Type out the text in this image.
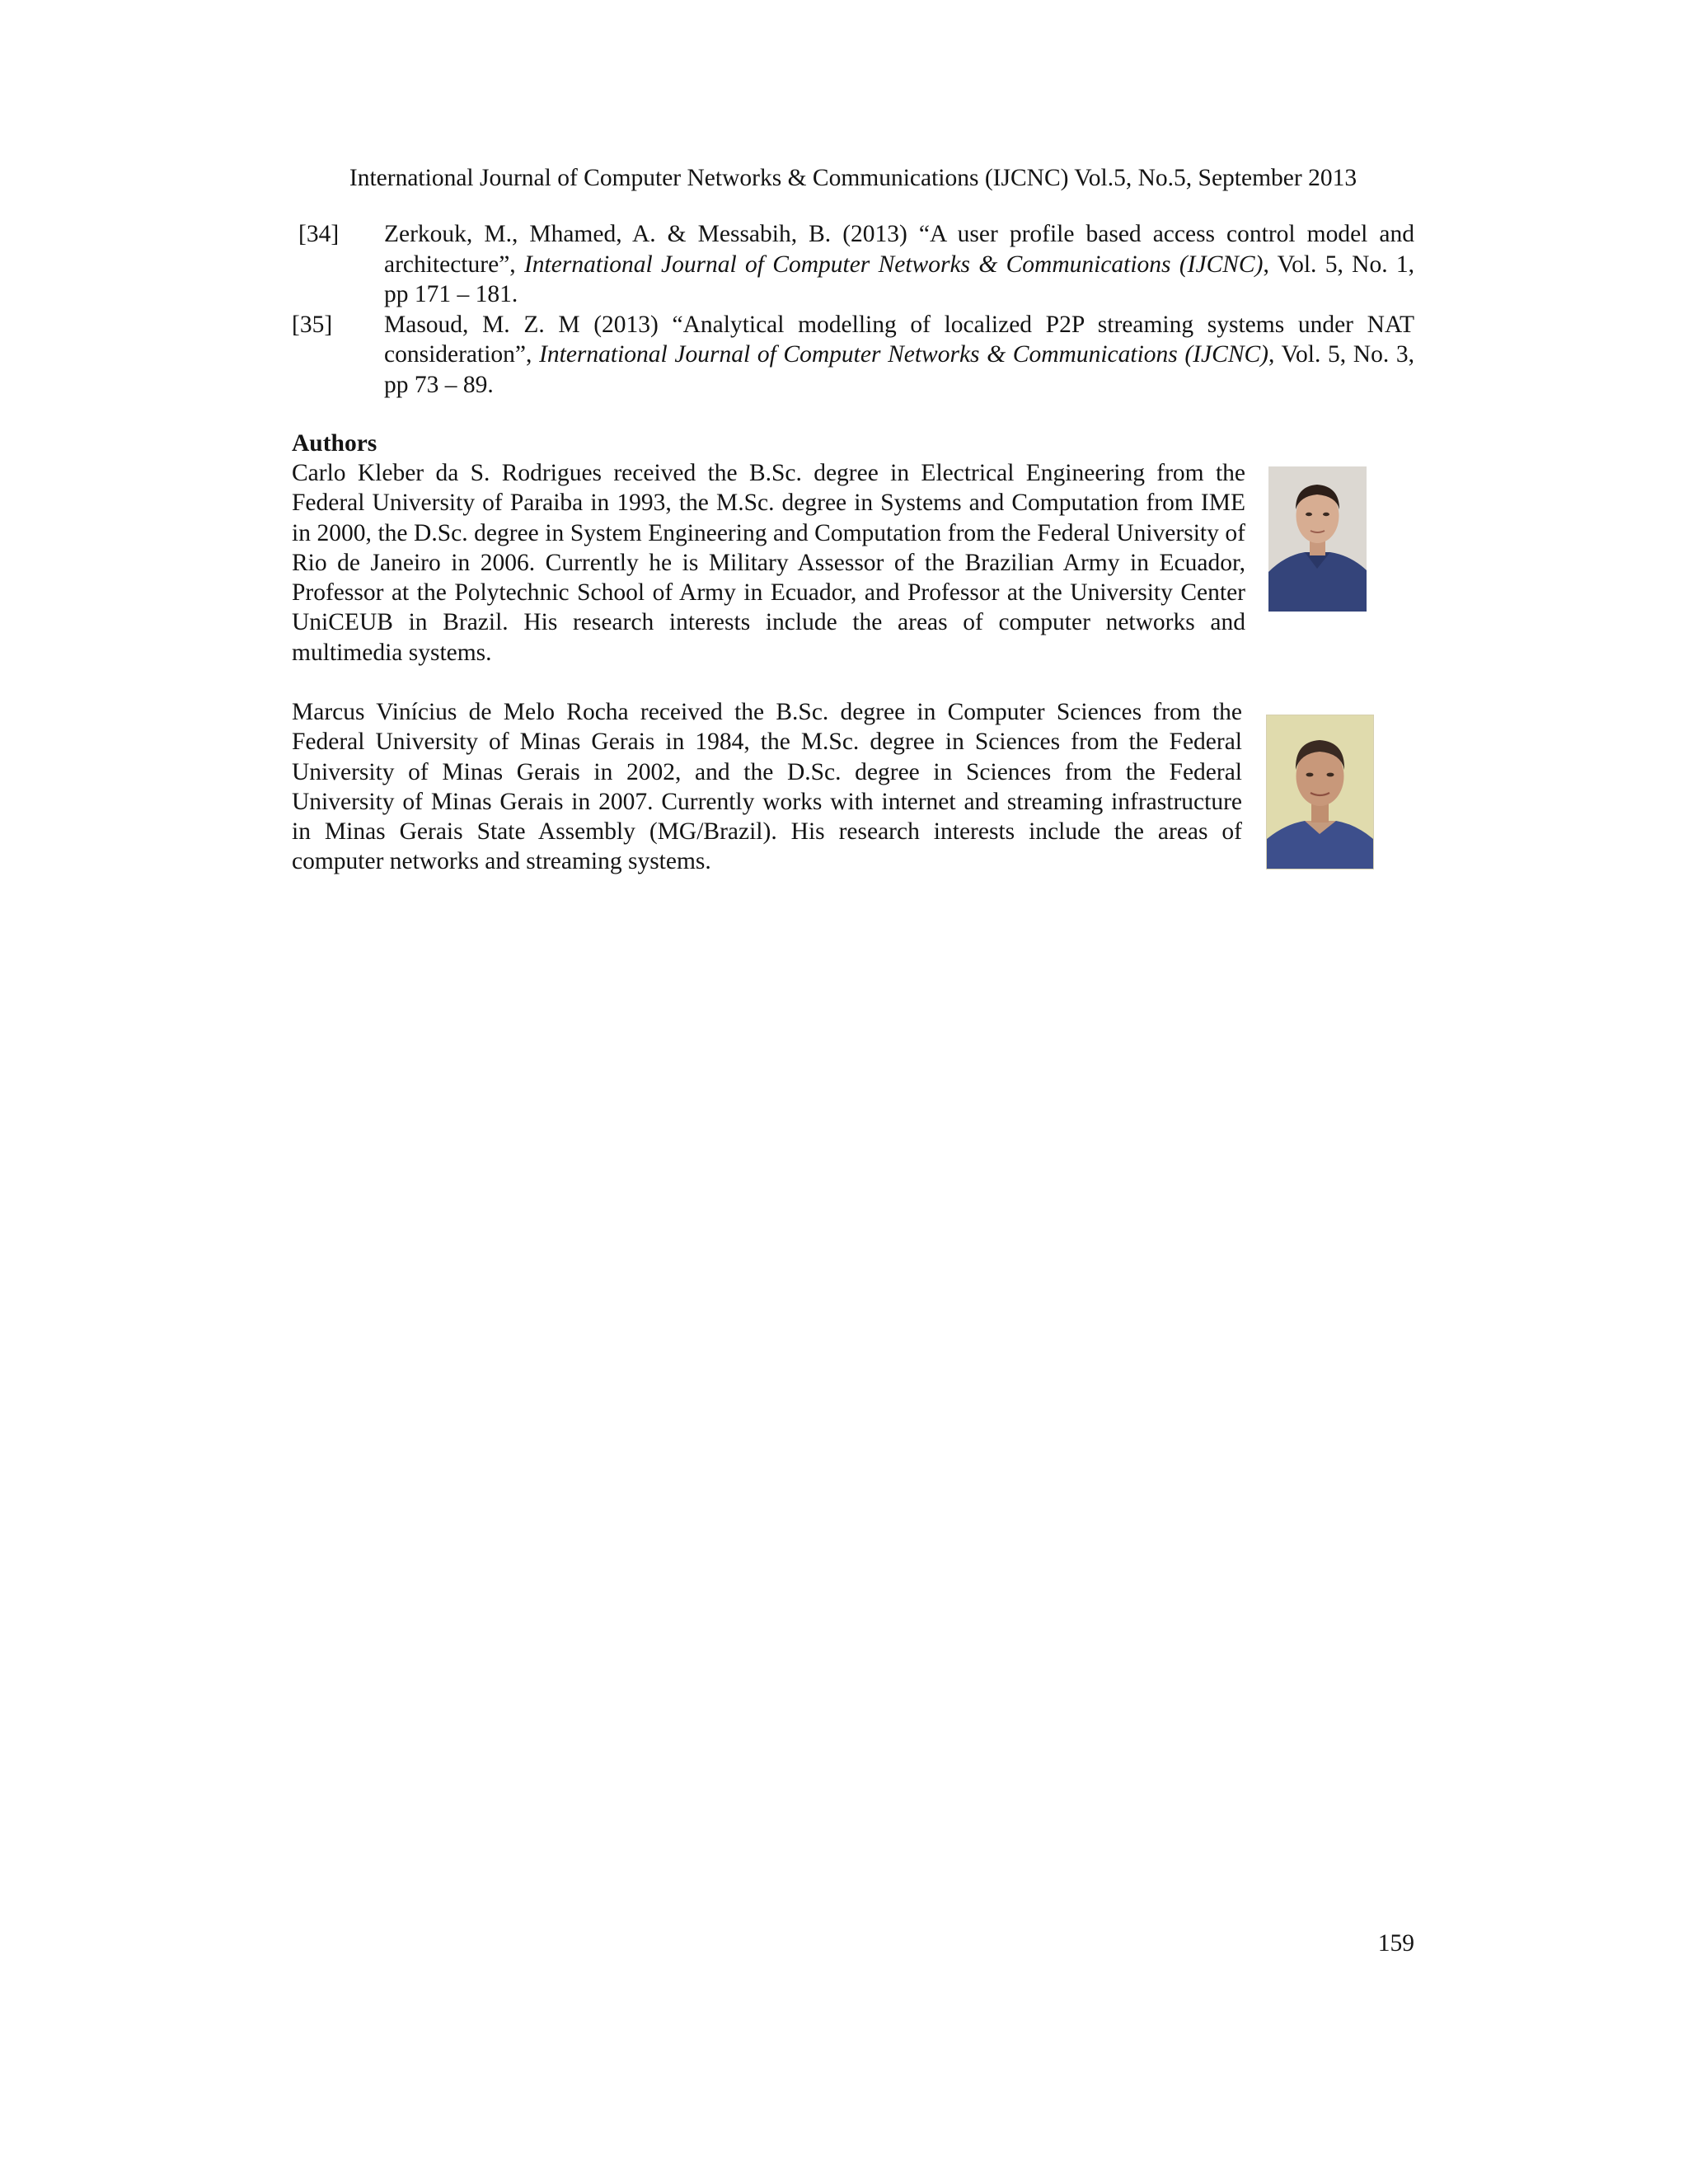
International Journal of Computer Networks & Communications (IJCNC) Vol.5, No.5, September 2013
[34] Zerkouk, M., Mhamed, A. & Messabih, B. (2013) “A user profile based access control model and architecture”, International Journal of Computer Networks & Communications (IJCNC), Vol. 5, No. 1, pp 171 – 181.
[35] Masoud, M. Z. M (2013) “Analytical modelling of localized P2P streaming systems under NAT consideration”, International Journal of Computer Networks & Communications (IJCNC), Vol. 5, No. 3, pp 73 – 89.
Authors
Carlo Kleber da S. Rodrigues received the B.Sc. degree in Electrical Engineering from the Federal University of Paraiba in 1993, the M.Sc. degree in Systems and Computation from IME in 2000, the D.Sc. degree in System Engineering and Computation from the Federal University of Rio de Janeiro in 2006. Currently he is Military Assessor of the Brazilian Army in Ecuador, Professor at the Polytechnic School of Army in Ecuador, and Professor at the University Center UniCEUB in Brazil. His research interests include the areas of computer networks and multimedia systems.
Marcus Vinícius de Melo Rocha received the B.Sc. degree in Computer Sciences from the Federal University of Minas Gerais in 1984, the M.Sc. degree in Sciences from the Federal University of Minas Gerais in 2002, and the D.Sc. degree in Sciences from the Federal University of Minas Gerais in 2007. Currently works with internet and streaming infrastructure in Minas Gerais State Assembly (MG/Brazil). His research interests include the areas of computer networks and streaming systems.
159
